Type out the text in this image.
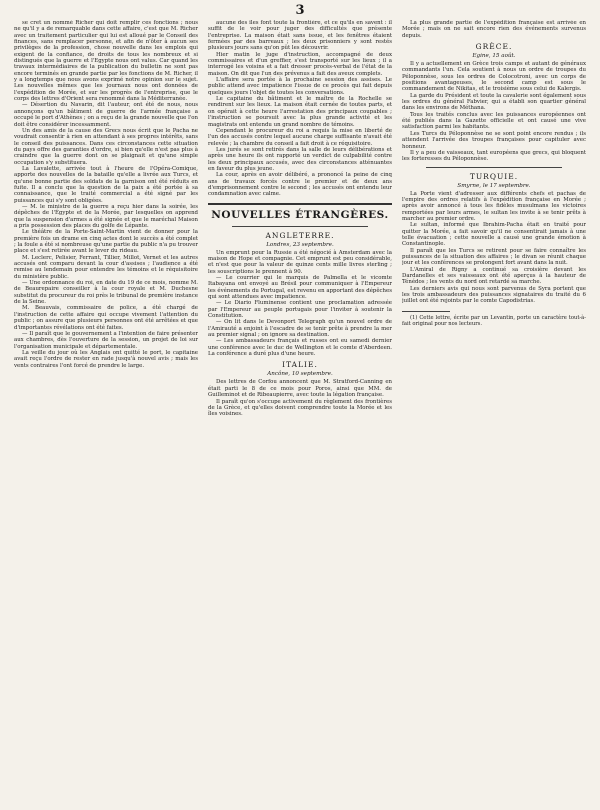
3

se cret un nommé Richer qui doit remplir ces fonctions ; nous ne qu'il y a de remarquable dans cette affaire, c'est que M. Richer avec un traitement particulier qui lui est alloué par le Conseil des finances, sans remplacer personne, et afin de n'ôter à aucun ses privilèges de la profession, chose nouvelle dans les emplois qui exigent de la confiance, de droits de tous les nombreux et si distingués que la guerre et l'Egypte nous ont valus. Car quand les travaux intermédiaires de la publication du bulletin ne sont pas encore terminés en grande partie par les fonctions de M. Richer, il y a longtemps que nous avons exprimé notre opinion sur le sujet. Les nouvelles mêmes que les journaux nous ont données de l'expédition de Morée, et sur les progrès de l'entreprise, que le corps des lettres d'Orient sera renommé dans la Méditerranée.

— Désertion du Navarin, dit l'auteur, ont été de nous, nous annonçons qu'un bâtiment de guerre de l'armée française a occupé le port d'Athènes ; on a reçu de la grande nouvelle que l'on doit être considérer incessamment.

Un des amis de la cause des Grecs nous écrit que le Pacha ne voudrait consentir à rien en attendant à ses propres intérêts, sans le conseil des puissances. Dans ces circonstances cette situation du pays offre des garanties d'ordre, si bien qu'elle n'est pas plus à craindre que la guerre dont on se plaignait et qu'une simple occupation s'y substituera.

La Lavalette, arrivée tout à l'heure de l'Opéra-Comique, apporte des nouvelles de la bataille qu'elle a livrée aux Turcs, et qu'une bonne partie des soldats de la garnison ont été réduits en fuite. Il a conclu que la question de la paix a été portée à sa connaissance, que le traité commercial a été signé par les puissances qui s'y sont obligées.

— M. le ministre de la guerre a reçu hier dans la soirée, les dépêches de l'Égypte et de la Morée, par lesquelles on apprend que la suspension d'armes a été signée et que le maréchal Maison a pris possession des places du golfe de Lépante.

Le théâtre de la Porte-Saint-Martin vient de donner pour la première fois un drame en cinq actes dont le succès a été complet ; la foule a été si nombreuse qu'une partie du public n'a pu trouver place et s'est retirée avant le lever du rideau.

M. Leclerc, Pelisier, Ferrant, Tillier, Millot, Vernet et les autres accusés ont comparu devant la cour d'assises ; l'audience a été remise au lendemain pour entendre les témoins et le réquisitoire du ministère public.

— Une ordonnance du roi, en date du 19 de ce mois, nomme M. de Beaurepaire conseiller à la cour royale et M. Duchesne substitut du procureur du roi près le tribunal de première instance de la Seine.

M. Beauvais, commissaire de police, a été chargé de l'instruction de cette affaire qui occupe vivement l'attention du public ; on assure que plusieurs personnes ont été arrêtées et que d'importantes révélations ont été faites.

— Il paraît que le gouvernement a l'intention de faire présenter aux chambres, dès l'ouverture de la session, un projet de loi sur l'organisation municipale et départementale.

La veille du jour où les Anglais ont quitté le port, le capitaine avait reçu l'ordre de rester en rade jusqu'à nouvel avis ; mais les vents contraires l'ont forcé de prendre le large.

aucune des îles font toute la frontière, et ce qu'ils en savent : il suffit de le voir pour juger des difficultés que présente l'entreprise. La maison était sans issue, et les fenêtres étaient fermées par des barreaux ; les deux prisonniers y sont restés plusieurs jours sans qu'on pût les découvrir.

Hier matin le juge d'instruction, accompagné de deux commissaires et d'un greffier, s'est transporté sur les lieux ; il a interrogé les voisins et a fait dresser procès-verbal de l'état de la maison. On dit que l'un des prévenus a fait des aveux complets.

L'affaire sera portée à la prochaine session des assises. Le public attend avec impatience l'issue de ce procès qui fait depuis quelques jours l'objet de toutes les conversations.

Le capitaine du bâtiment et le maître de la Rochelle se rendirent sur les lieux. La maison était cernée de toutes parts, et on opérait à cette heure l'arrestation des principaux coupables ; l'instruction se poursuit avec la plus grande activité et les magistrats ont entendu un grand nombre de témoins.

Cependant le procureur du roi a requis la mise en liberté de l'un des accusés contre lequel aucune charge suffisante n'avait été relevée ; la chambre du conseil a fait droit à ce réquisitoire.

Les jurés se sont retirés dans la salle de leurs délibérations et après une heure ils ont rapporté un verdict de culpabilité contre les deux principaux accusés, avec des circonstances atténuantes en faveur du plus jeune.

La cour, après en avoir délibéré, a prononcé la peine de cinq ans de travaux forcés contre le premier et de deux ans d'emprisonnement contre le second ; les accusés ont entendu leur condamnation avec calme.

NOUVELLES ÉTRANGÈRES.
ANGLETERRE.
Londres, 23 septembre.

Un emprunt pour la Russie a été négocié à Amsterdam avec la maison de Hope et compagnie. Cet emprunt est peu considérable, et n'est que pour la valeur de quinze cents mille livres sterling ; les souscriptions le prennent à 90.

— Le courrier qui le marquis de Palmella et le vicomte Itabayana ont envoyé au Brésil pour communiquer à l'Empereur les événements du Portugal, est revenu en apportant des dépêches qui sont attendues avec impatience.

— Le Diario Fluminense contient une proclamation adressée par l'Empereur au peuple portugais pour l'inviter à soutenir la Constitution.

— On lit dans le Devonport Telegraph qu'un nouvel ordre de l'Amirauté a enjoint à l'escadre de se tenir prête à prendre la mer au premier signal ; on ignore sa destination.

— Les ambassadeurs français et russes ont eu samedi dernier une conférence avec le duc de Wellington et le comte d'Aberdeen. La conférence a duré plus d'une heure.

ITALIE.
Ancône, 10 septembre.

Des lettres de Corfou annoncent que M. Stratford-Canning en était parti le 8 de ce mois pour Poros, ainsi que MM. de Guilleminot et de Ribeaupierre, avec toute la légation française.

Il paraît qu'on s'occupe activement du règlement des frontières de la Grèce, et qu'elles doivent comprendre toute la Morée et les îles voisines.

La plus grande partie de l'expédition française est arrivée en Morée ; mais on ne sait encore rien des événements survenus depuis.

GRÈCE.
Egine, 15 août.

Il y a actuellement en Grèce trois camps et autant de généraux commandants l'un. Cela soutient à nous un ordre de troupes du Péloponnèse, sous les ordres de Colocotroni, avec un corps de positions avantageuses, le second camp est sous le commandement de Nikitas, et le troisième sous celui de Kalergis.

La garde du Président et toute la cavalerie sont également sous les ordres du général Fabvier, qui a établi son quartier général dans les environs de Méthana.

Tous les traités conclus avec les puissances européennes ont été publiés dans la Gazette officielle et ont causé une vive satisfaction parmi les habitants.

Les Turcs du Péloponnèse ne se sont point encore rendus ; ils attendent l'arrivée des troupes françaises pour capituler avec honneur.

Il y a peu de vaisseaux, tant européens que grecs, qui bloquent les forteresses du Péloponnèse.

TURQUIE.
Smyrne, le 17 septembre.

La Porte vient d'adresser aux différents chefs et pachas de l'empire des ordres relatifs à l'expédition française en Morée ; après avoir annoncé à tous les fidèles musulmans les victoires remportées par leurs armes, le sultan les invite à se tenir prêts à marcher au premier ordre.

Le sultan, informé que Ibrahim-Pacha était en traité pour quitter la Morée, a fait savoir qu'il ne consentirait jamais à une telle évacuation ; cette nouvelle a causé une grande émotion à Constantinople.

Il paraît que les Turcs se retirent pour se faire connaître les puissances de la situation des affaires ; le divan se réunit chaque jour et les conférences se prolongent fort avant dans la nuit.

L'Amiral de Rigny a continué sa croisière devant les Dardanelles et ses vaisseaux ont été aperçus à la hauteur de Ténédos ; les vents du nord ont retardé sa marche.

Les derniers avis qui nous sont parvenus de Syra portent que les trois ambassadeurs des puissances signataires du traité du 6 juillet ont été rejoints par le comte Capodistrias.

(1) Cette lettre, écrite par un Levantin, porte un caractère tout-à-fait original pour nos lecteurs.
